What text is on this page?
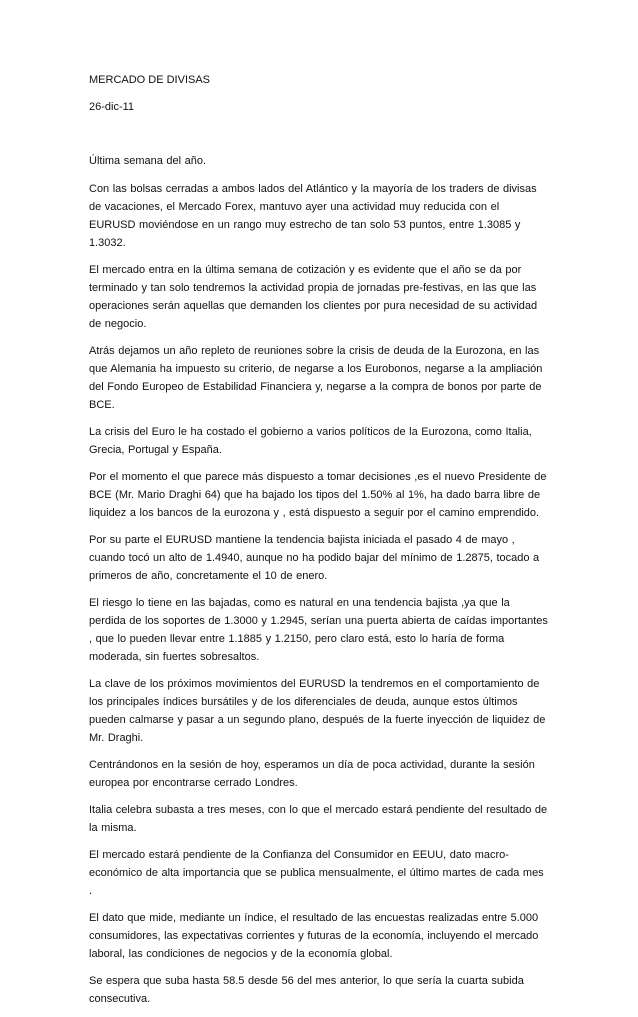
MERCADO DE DIVISAS
26-dic-11

Última semana del año.

Con las bolsas cerradas a ambos lados del Atlántico y la mayoría de los traders de divisas de vacaciones, el Mercado Forex, mantuvo ayer una actividad muy reducida con el EURUSD moviéndose en un rango muy estrecho de tan solo 53 puntos, entre 1.3085 y 1.3032.

El mercado entra en la última semana de cotización y es evidente que el año se da por terminado y tan solo tendremos la actividad propia de jornadas pre-festivas, en las que las operaciones serán aquellas que demanden los clientes por pura necesidad de su actividad de negocio.

Atrás dejamos un año repleto de reuniones sobre la crisis de deuda de la Eurozona, en las que Alemania ha impuesto su criterio, de negarse a los Eurobonos, negarse a la ampliación del Fondo Europeo de Estabilidad Financiera y, negarse a la compra de bonos por parte de BCE.

La crisis del Euro le ha costado el gobierno a varios políticos de la Eurozona, como Italia, Grecia, Portugal y España.

Por el momento el que parece más dispuesto a tomar decisiones ,es el nuevo Presidente de BCE (Mr. Mario Draghi 64) que ha bajado los tipos del 1.50% al 1%, ha dado barra libre de liquidez a los bancos de la eurozona y , está dispuesto a seguir por el camino emprendido.

Por su parte el EURUSD mantiene la tendencia bajista iniciada el pasado 4 de mayo , cuando tocó un alto de 1.4940, aunque no ha podido bajar del mínimo de 1.2875, tocado a primeros de año, concretamente el 10 de enero.

El riesgo lo tiene en las bajadas, como es natural en una tendencia bajista ,ya que la perdida de los soportes de 1.3000 y 1.2945, serían una puerta abierta de caídas importantes , que lo pueden llevar entre 1.1885 y 1.2150, pero claro está, esto lo haría de forma moderada, sin fuertes sobresaltos.

La clave de los próximos movimientos del EURUSD la tendremos en el comportamiento de los principales índices bursátiles y de los diferenciales de deuda, aunque estos últimos pueden calmarse y pasar a un segundo plano, después de la fuerte inyección de liquidez de Mr. Draghi.

Centrándonos en la sesión de hoy, esperamos un día de poca actividad, durante la sesión europea por encontrarse cerrado Londres.

Italia celebra subasta a tres meses, con lo que el mercado estará pendiente del resultado de la misma.

El mercado estará pendiente de la Confianza del Consumidor en EEUU, dato macro-económico de alta importancia que se publica mensualmente, el último martes de cada mes .

El dato que mide, mediante un índice, el resultado de las encuestas realizadas entre 5.000 consumidores, las expectativas corrientes y futuras de la economía, incluyendo el mercado laboral, las condiciones de negocios y de la economía global.

Se espera que suba hasta 58.5 desde 56 del mes anterior, lo que sería la cuarta subida consecutiva.
